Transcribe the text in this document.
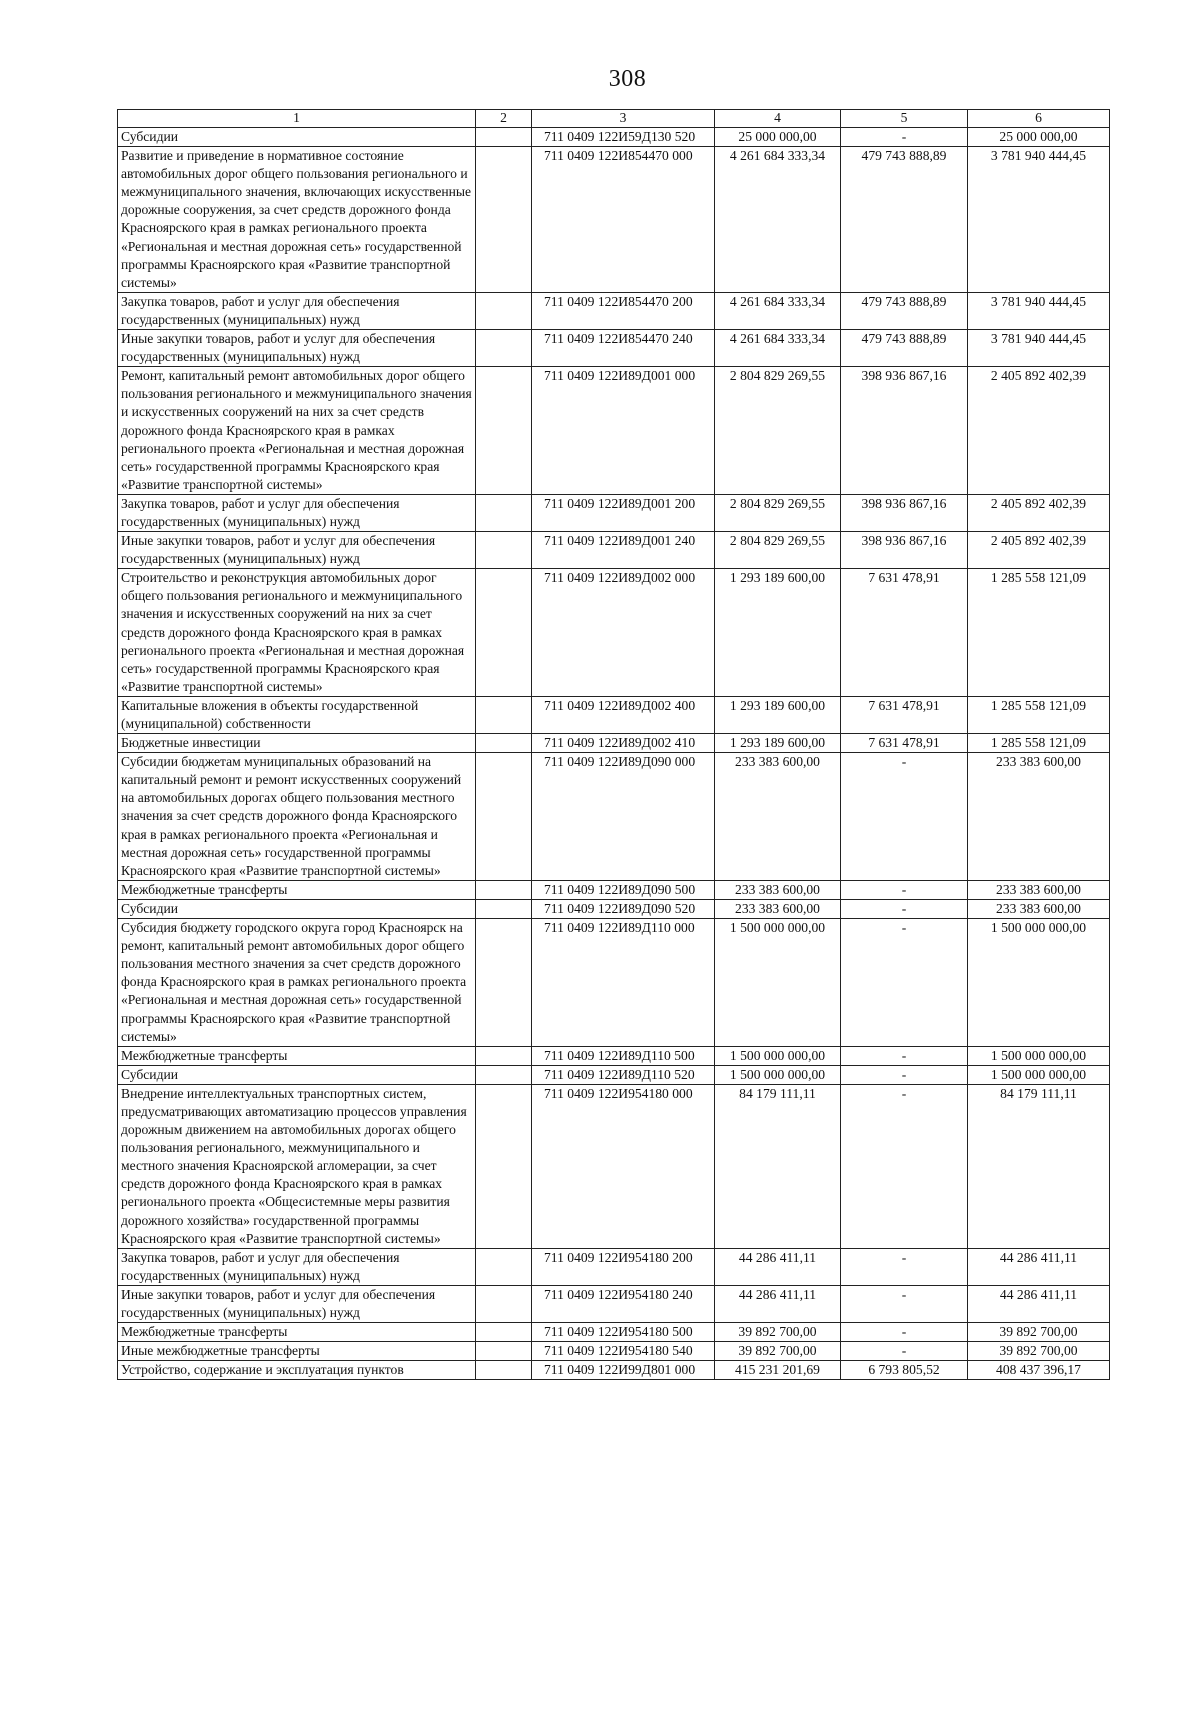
308
1	2	3	4	5	6
Субсидии		711 0409 122И59Д130 520	25 000 000,00	-	25 000 000,00
Развитие и приведение в нормативное состояние автомобильных дорог общего пользования регионального и межмуниципального значения, включающих искусственные дорожные сооружения, за счет средств дорожного фонда Красноярского края в рамках регионального проекта «Региональная и местная дорожная сеть» государственной программы Красноярского края «Развитие транспортной системы»		711 0409 122И854470 000	4 261 684 333,34	479 743 888,89	3 781 940 444,45
Закупка товаров, работ и услуг для обеспечения государственных (муниципальных) нужд		711 0409 122И854470 200	4 261 684 333,34	479 743 888,89	3 781 940 444,45
Иные закупки товаров, работ и услуг для обеспечения государственных (муниципальных) нужд		711 0409 122И854470 240	4 261 684 333,34	479 743 888,89	3 781 940 444,45
Ремонт, капитальный ремонт автомобильных дорог общего пользования регионального и межмуниципального значения и искусственных сооружений на них за счет средств дорожного фонда Красноярского края в рамках регионального проекта «Региональная и местная дорожная сеть» государственной программы Красноярского края «Развитие транспортной системы»		711 0409 122И89Д001 000	2 804 829 269,55	398 936 867,16	2 405 892 402,39
Закупка товаров, работ и услуг для обеспечения государственных (муниципальных) нужд		711 0409 122И89Д001 200	2 804 829 269,55	398 936 867,16	2 405 892 402,39
Иные закупки товаров, работ и услуг для обеспечения государственных (муниципальных) нужд		711 0409 122И89Д001 240	2 804 829 269,55	398 936 867,16	2 405 892 402,39
Строительство и реконструкция автомобильных дорог общего пользования регионального и межмуниципального значения и искусственных сооружений на них за счет средств дорожного фонда Красноярского края в рамках регионального проекта «Региональная и местная дорожная сеть» государственной программы Красноярского края «Развитие транспортной системы»		711 0409 122И89Д002 000	1 293 189 600,00	7 631 478,91	1 285 558 121,09
Капитальные вложения в объекты государственной (муниципальной) собственности		711 0409 122И89Д002 400	1 293 189 600,00	7 631 478,91	1 285 558 121,09
Бюджетные инвестиции		711 0409 122И89Д002 410	1 293 189 600,00	7 631 478,91	1 285 558 121,09
Субсидии бюджетам муниципальных образований на капитальный ремонт и ремонт искусственных сооружений на автомобильных дорогах общего пользования местного значения за счет средств дорожного фонда Красноярского края в рамках регионального проекта «Региональная и местная дорожная сеть» государственной программы Красноярского края «Развитие транспортной системы»		711 0409 122И89Д090 000	233 383 600,00	-	233 383 600,00
Межбюджетные трансферты		711 0409 122И89Д090 500	233 383 600,00	-	233 383 600,00
Субсидии		711 0409 122И89Д090 520	233 383 600,00	-	233 383 600,00
Субсидия бюджету городского округа город Красноярск на ремонт, капитальный ремонт автомобильных дорог общего пользования местного значения за счет средств дорожного фонда Красноярского края в рамках регионального проекта «Региональная и местная дорожная сеть» государственной программы Красноярского края «Развитие транспортной системы»		711 0409 122И89Д110 000	1 500 000 000,00	-	1 500 000 000,00
Межбюджетные трансферты		711 0409 122И89Д110 500	1 500 000 000,00	-	1 500 000 000,00
Субсидии		711 0409 122И89Д110 520	1 500 000 000,00	-	1 500 000 000,00
Внедрение интеллектуальных транспортных систем, предусматривающих автоматизацию процессов управления дорожным движением на автомобильных дорогах общего пользования регионального, межмуниципального и местного значения Красноярской агломерации, за счет средств дорожного фонда Красноярского края в рамках регионального проекта «Общесистемные меры развития дорожного хозяйства» государственной программы Красноярского края «Развитие транспортной системы»		711 0409 122И954180 000	84 179 111,11	-	84 179 111,11
Закупка товаров, работ и услуг для обеспечения государственных (муниципальных) нужд		711 0409 122И954180 200	44 286 411,11	-	44 286 411,11
Иные закупки товаров, работ и услуг для обеспечения государственных (муниципальных) нужд		711 0409 122И954180 240	44 286 411,11	-	44 286 411,11
Межбюджетные трансферты		711 0409 122И954180 500	39 892 700,00	-	39 892 700,00
Иные межбюджетные трансферты		711 0409 122И954180 540	39 892 700,00	-	39 892 700,00
Устройство, содержание и эксплуатация пунктов		711 0409 122И99Д801 000	415 231 201,69	6 793 805,52	408 437 396,17
